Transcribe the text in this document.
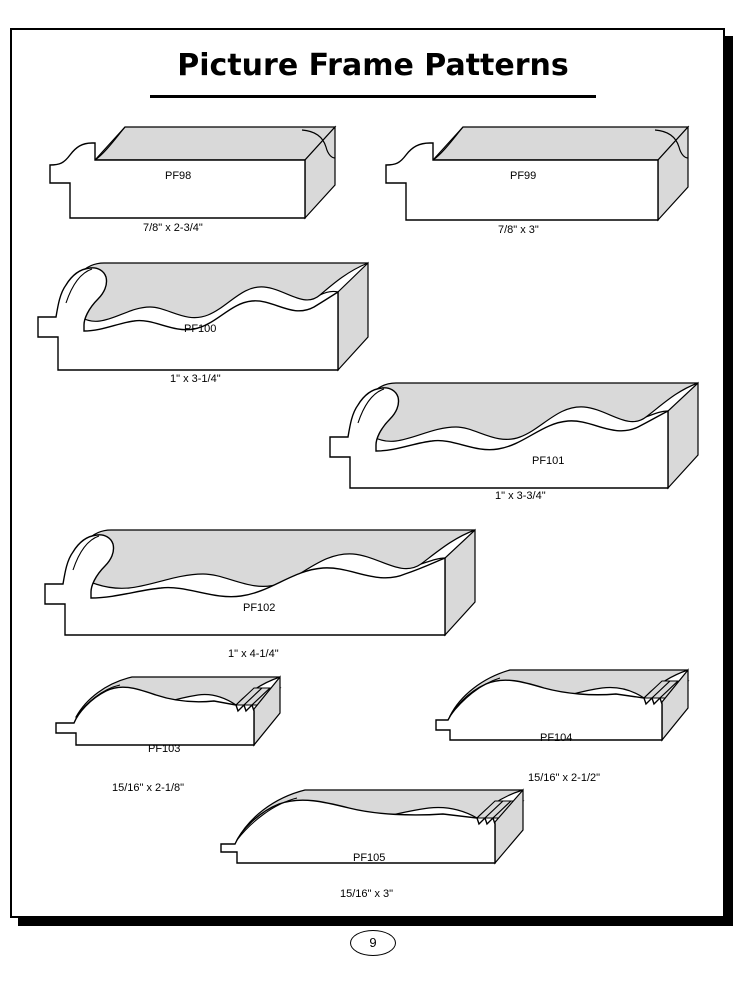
Picture Frame Patterns
PF98
7/8" x 2-3/4"
PF99
7/8" x 3"
PF100
1" x 3-1/4"
PF101
1" x 3-3/4"
PF102
1" x 4-1/4"
PF103
15/16" x 2-1/8"
PF104
15/16" x 2-1/2"
PF105
15/16" x 3"
9
